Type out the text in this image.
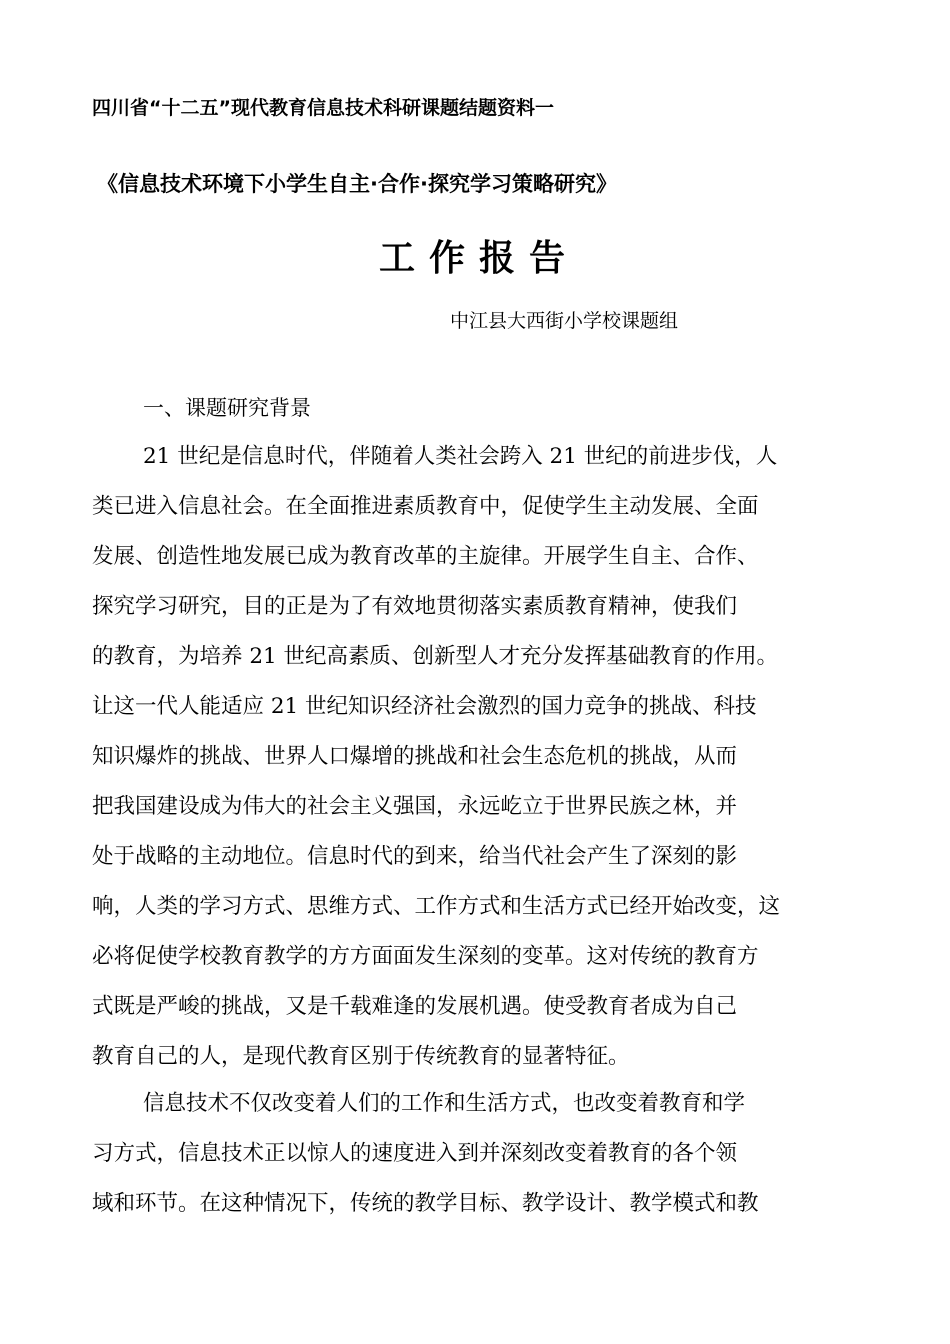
四川省“十二五”现代教育信息技术科研课题结题资料一
《信息技术环境下小学生自主·合作·探究学习策略研究》
工作报告
中江县大西街小学校课题组
一、课题研究背景
21 世纪是信息时代，伴随着人类社会跨入 21 世纪的前进步伐，人
类已进入信息社会。在全面推进素质教育中，促使学生主动发展、全面
发展、创造性地发展已成为教育改革的主旋律。开展学生自主、合作、
探究学习研究，目的正是为了有效地贯彻落实素质教育精神，使我们
的教育，为培养 21 世纪高素质、创新型人才充分发挥基础教育的作用。
让这一代人能适应 21 世纪知识经济社会激烈的国力竞争的挑战、科技
知识爆炸的挑战、世界人口爆增的挑战和社会生态危机的挑战，从而
把我国建设成为伟大的社会主义强国，永远屹立于世界民族之林，并
处于战略的主动地位。信息时代的到来，给当代社会产生了深刻的影
响，人类的学习方式、思维方式、工作方式和生活方式已经开始改变，这
必将促使学校教育教学的方方面面发生深刻的变革。这对传统的教育方
式既是严峻的挑战，又是千载难逢的发展机遇。使受教育者成为自己
教育自己的人，是现代教育区别于传统教育的显著特征。
信息技术不仅改变着人们的工作和生活方式，也改变着教育和学
习方式，信息技术正以惊人的速度进入到并深刻改变着教育的各个领
域和环节。在这种情况下，传统的教学目标、教学设计、教学模式和教
